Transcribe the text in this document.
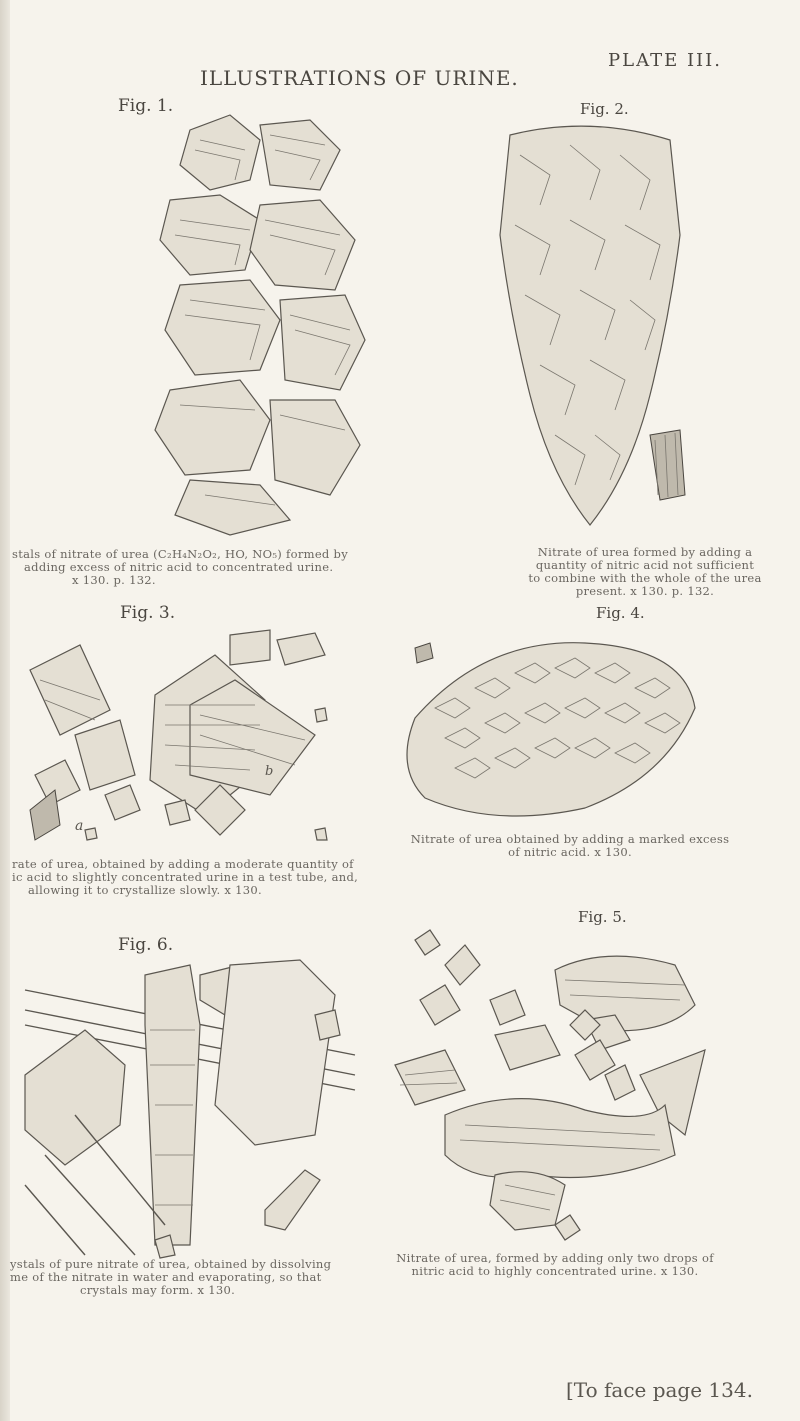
ILLUSTRATIONS OF URINE.
PLATE III.
Fig. 1.
stals of nitrate of urea (C₂H₄N₂O₂, HO, NO₅) formed by
adding excess of nitric acid to concentrated urine.
x 130. p. 132.
Fig. 2.
Nitrate of urea formed by adding a
quantity of nitric acid not sufficient
to combine with the whole of the urea
present. x 130. p. 132.
Fig. 3.
a
b
rate of urea, obtained by adding a moderate quantity of
ic acid to slightly concentrated urine in a test tube, and,
allowing it to crystallize slowly. x 130.
Fig. 4.
Nitrate of urea obtained by adding a marked excess
of nitric acid. x 130.
Fig. 5.
Nitrate of urea, formed by adding only two drops of
nitric acid to highly concentrated urine. x 130.
Fig. 6.
ystals of pure nitrate of urea, obtained by dissolving
me of the nitrate in water and evaporating, so that
crystals may form. x 130.
[To face page 134.
